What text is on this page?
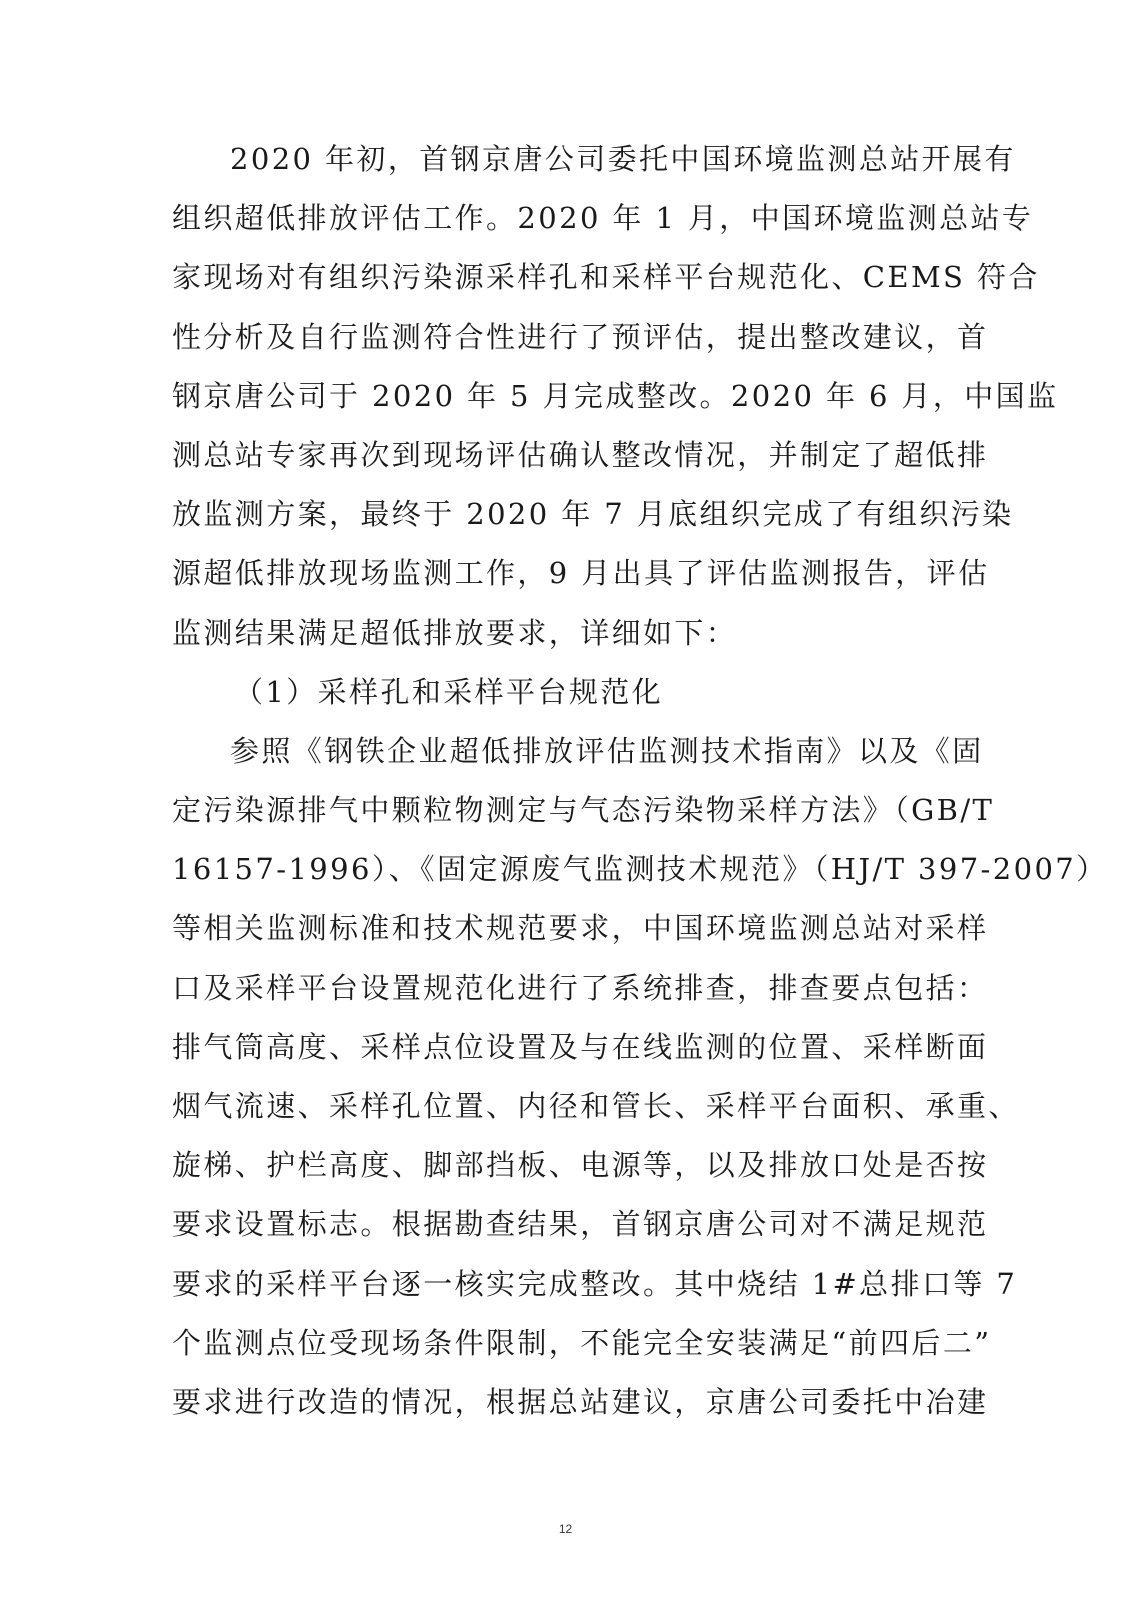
2020 年初，首钢京唐公司委托中国环境监测总站开展有
组织超低排放评估工作。2020 年 1 月，中国环境监测总站专
家现场对有组织污染源采样孔和采样平台规范化、CEMS 符合
性分析及自行监测符合性进行了预评估，提出整改建议，首
钢京唐公司于 2020 年 5 月完成整改。2020 年 6 月，中国监
测总站专家再次到现场评估确认整改情况，并制定了超低排
放监测方案，最终于 2020 年 7 月底组织完成了有组织污染
源超低排放现场监测工作，9 月出具了评估监测报告，评估
监测结果满足超低排放要求，详细如下：
（1）采样孔和采样平台规范化
参照《钢铁企业超低排放评估监测技术指南》以及《固
定污染源排气中颗粒物测定与气态污染物采样方法》（GB/T
16157-1996）、《固定源废气监测技术规范》（HJ/T 397-2007）
等相关监测标准和技术规范要求，中国环境监测总站对采样
口及采样平台设置规范化进行了系统排查，排查要点包括：
排气筒高度、采样点位设置及与在线监测的位置、采样断面
烟气流速、采样孔位置、内径和管长、采样平台面积、承重、
旋梯、护栏高度、脚部挡板、电源等，以及排放口处是否按
要求设置标志。根据勘查结果，首钢京唐公司对不满足规范
要求的采样平台逐一核实完成整改。其中烧结 1#总排口等 7
个监测点位受现场条件限制，不能完全安装满足“前四后二”
要求进行改造的情况，根据总站建议，京唐公司委托中冶建
12
